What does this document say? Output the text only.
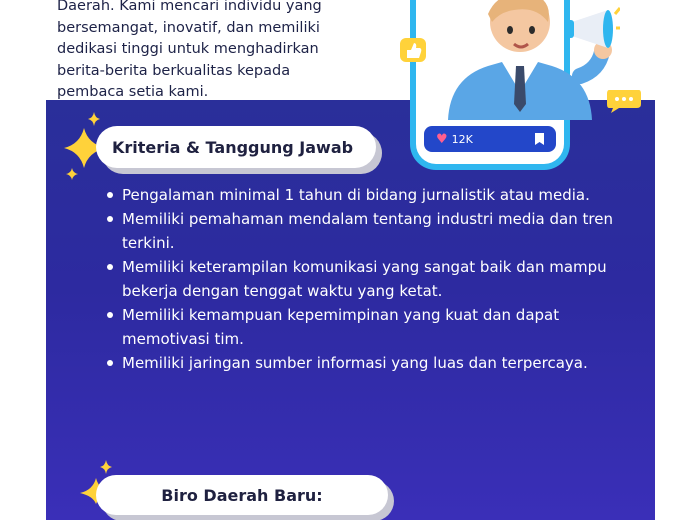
Daerah. Kami mencari individu yang
bersemangat, inovatif, dan memiliki
dedikasi tinggi untuk menghadirkan
berita-berita berkualitas kepada
pembaca setia kami.
♥ 12K
Kriteria & Tanggung Jawab
Pengalaman minimal 1 tahun di bidang jurnalistik atau media.
Memiliki pemahaman mendalam tentang industri media dan tren terkini.
Memiliki keterampilan komunikasi yang sangat baik dan mampu bekerja dengan tenggat waktu yang ketat.
Memiliki kemampuan kepemimpinan yang kuat dan dapat memotivasi tim.
Memiliki jaringan sumber informasi yang luas dan terpercaya.
Biro Daerah Baru:
